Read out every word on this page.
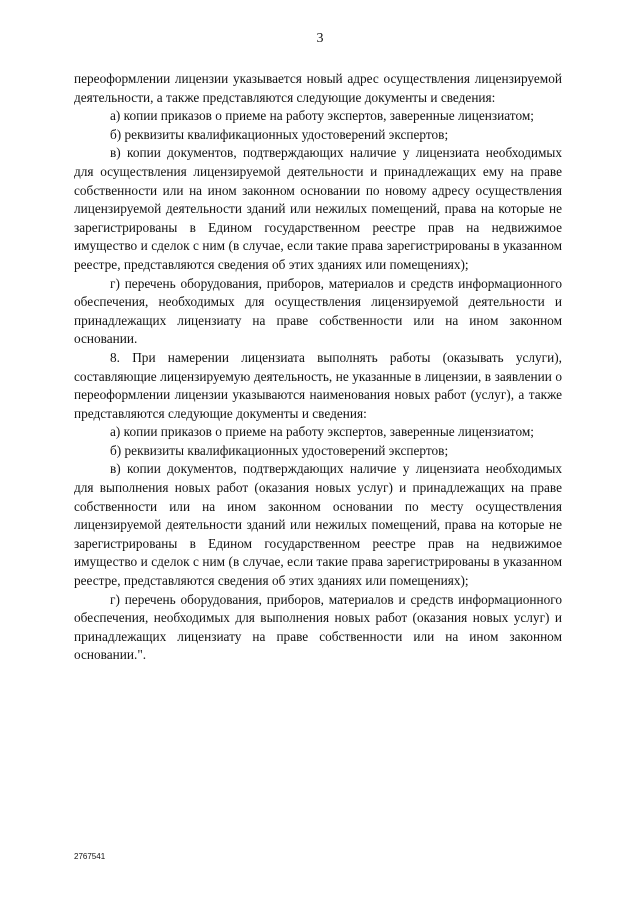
3

переоформлении лицензии указывается новый адрес осуществления лицензируемой деятельности, а также представляются следующие документы и сведения:

а) копии приказов о приеме на работу экспертов, заверенные лицензиатом;

б) реквизиты квалификационных удостоверений экспертов;

в) копии документов, подтверждающих наличие у лицензиата необходимых для осуществления лицензируемой деятельности и принадлежащих ему на праве собственности или на ином законном основании по новому адресу осуществления лицензируемой деятельности зданий или нежилых помещений, права на которые не зарегистрированы в Едином государственном реестре прав на недвижимое имущество и сделок с ним (в случае, если такие права зарегистрированы в указанном реестре, представляются сведения об этих зданиях или помещениях);

г) перечень оборудования, приборов, материалов и средств информационного обеспечения, необходимых для осуществления лицензируемой деятельности и принадлежащих лицензиату на праве собственности или на ином законном основании.

8. При намерении лицензиата выполнять работы (оказывать услуги), составляющие лицензируемую деятельность, не указанные в лицензии, в заявлении о переоформлении лицензии указываются наименования новых работ (услуг), а также представляются следующие документы и сведения:

а) копии приказов о приеме на работу экспертов, заверенные лицензиатом;

б) реквизиты квалификационных удостоверений экспертов;

в) копии документов, подтверждающих наличие у лицензиата необходимых для выполнения новых работ (оказания новых услуг) и принадлежащих на праве собственности или на ином законном основании по месту осуществления лицензируемой деятельности зданий или нежилых помещений, права на которые не зарегистрированы в Едином государственном реестре прав на недвижимое имущество и сделок с ним (в случае, если такие права зарегистрированы в указанном реестре, представляются сведения об этих зданиях или помещениях);

г) перечень оборудования, приборов, материалов и средств информационного обеспечения, необходимых для выполнения новых работ (оказания новых услуг) и принадлежащих лицензиату на праве собственности или на ином законном основании.".

2767541
